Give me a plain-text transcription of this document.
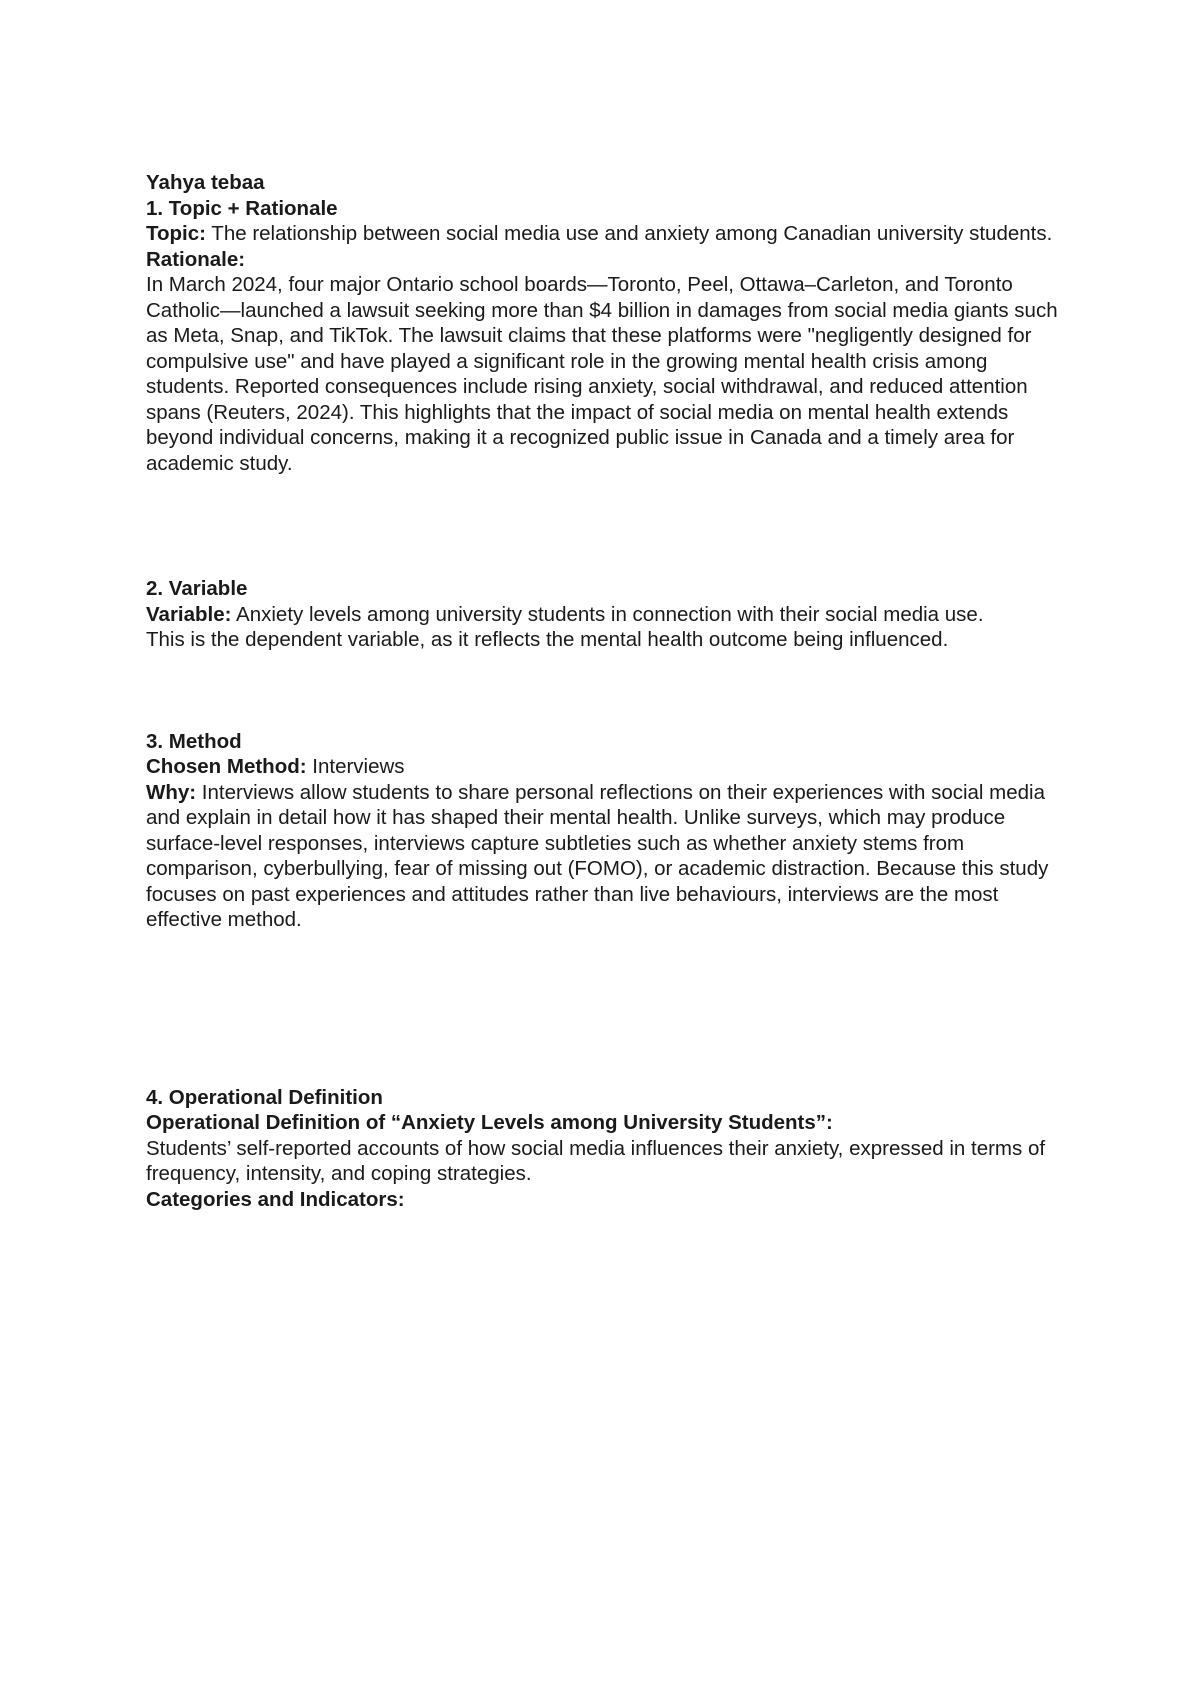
Yahya tebaa

1. Topic + Rationale

Topic: The relationship between social media use and anxiety among Canadian university students.

Rationale:

In March 2024, four major Ontario school boards—Toronto, Peel, Ottawa–Carleton, and Toronto Catholic—launched a lawsuit seeking more than $4 billion in damages from social media giants such as Meta, Snap, and TikTok. The lawsuit claims that these platforms were "negligently designed for compulsive use" and have played a significant role in the growing mental health crisis among students. Reported consequences include rising anxiety, social withdrawal, and reduced attention spans (Reuters, 2024). This highlights that the impact of social media on mental health extends beyond individual concerns, making it a recognized public issue in Canada and a timely area for academic study.

2. Variable

Variable: Anxiety levels among university students in connection with their social media use.

This is the dependent variable, as it reflects the mental health outcome being influenced.

3. Method

Chosen Method: Interviews

Why: Interviews allow students to share personal reflections on their experiences with social media and explain in detail how it has shaped their mental health. Unlike surveys, which may produce surface-level responses, interviews capture subtleties such as whether anxiety stems from comparison, cyberbullying, fear of missing out (FOMO), or academic distraction. Because this study focuses on past experiences and attitudes rather than live behaviours, interviews are the most effective method.

4. Operational Definition

Operational Definition of “Anxiety Levels among University Students”:

Students’ self-reported accounts of how social media influences their anxiety, expressed in terms of frequency, intensity, and coping strategies.

Categories and Indicators:
